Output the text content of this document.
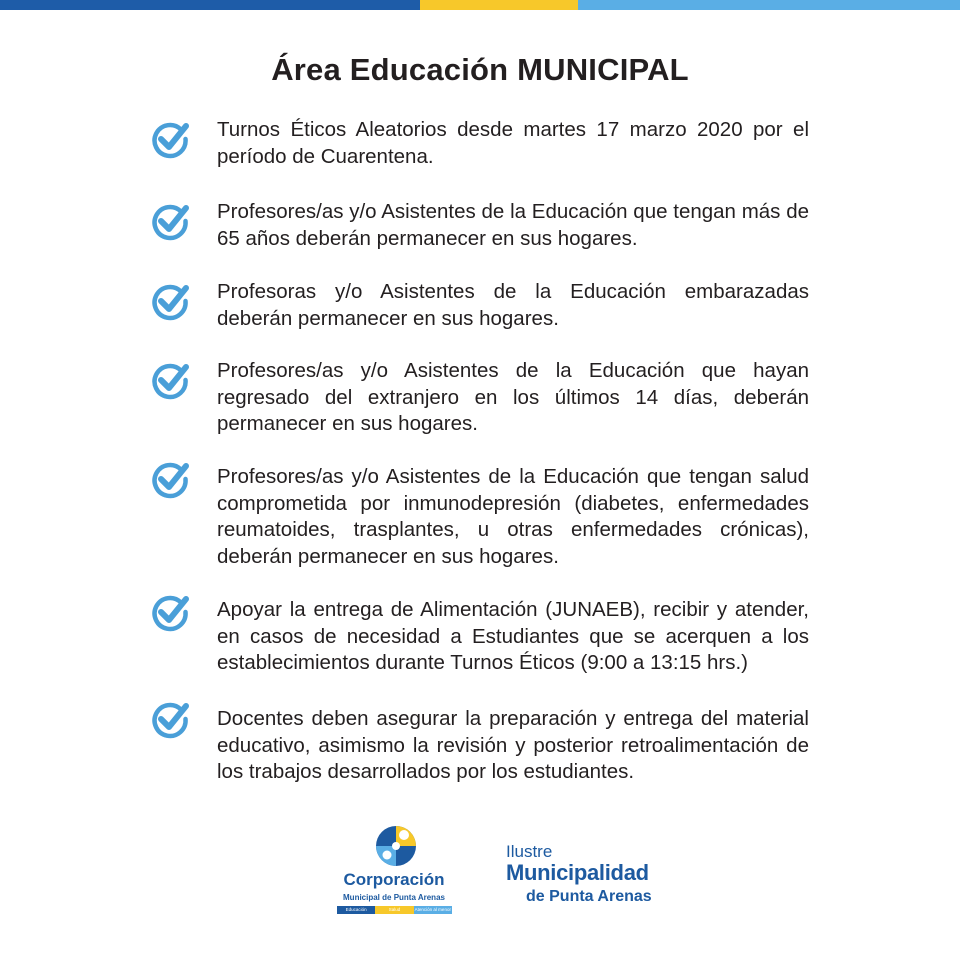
Área Educación MUNICIPAL
Turnos Éticos Aleatorios desde martes 17 marzo 2020 por el período de Cuarentena.
Profesores/as y/o Asistentes de la Educación que tengan más de 65 años deberán permanecer en sus hogares.
Profesoras y/o Asistentes de la Educación embarazadas deberán permanecer en sus hogares.
Profesores/as y/o Asistentes de la Educación que hayan regresado del extranjero en los últimos 14 días, deberán permanecer en sus hogares.
Profesores/as y/o Asistentes de la Educación que tengan salud comprometida por inmunodepresión (diabetes, enfermedades reumatoides, trasplantes, u otras enfermedades crónicas), deberán permanecer en sus hogares.
Apoyar la entrega de Alimentación (JUNAEB), recibir y atender, en casos de necesidad a Estudiantes que se acerquen a los establecimientos durante Turnos Éticos (9:00 a 13:15 hrs.)
Docentes deben asegurar la preparación y entrega del material educativo, asimismo la revisión y posterior retroalimentación de los trabajos desarrollados por los estudiantes.
Corporación
Municipal de Punta Arenas
Educación	Salud	Atención al menor
Ilustre
Municipalidad
de Punta Arenas
